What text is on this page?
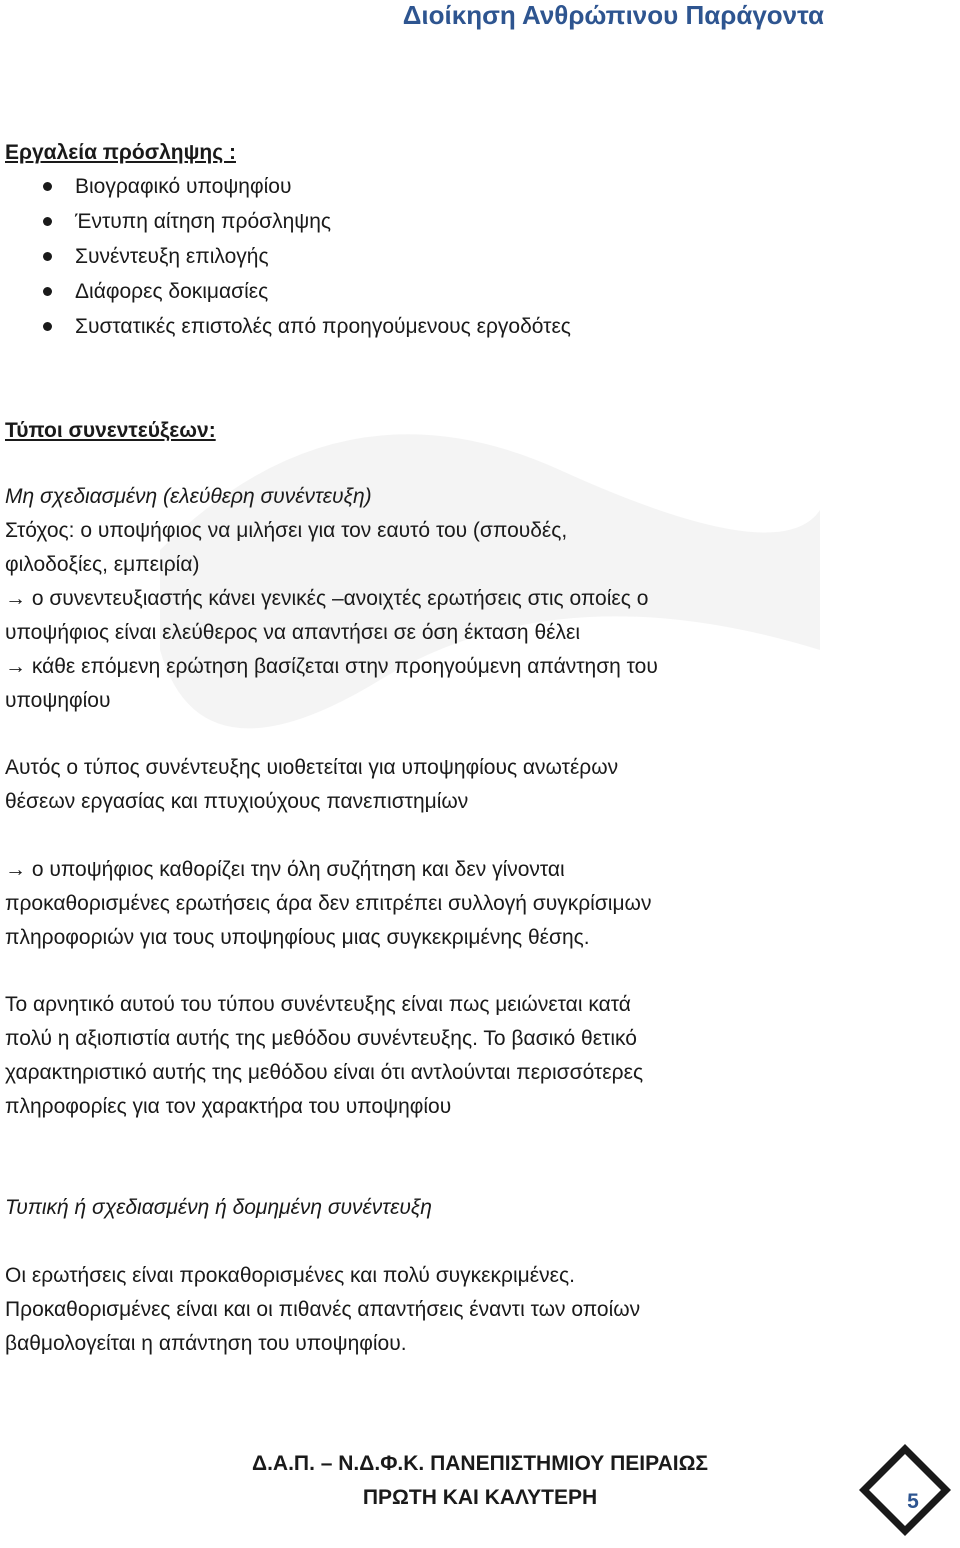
Διοίκηση Ανθρώπινου Παράγοντα
Εργαλεία πρόσληψης :
Βιογραφικό υποψηφίου
Έντυπη αίτηση πρόσληψης
Συνέντευξη επιλογής
Διάφορες δοκιμασίες
Συστατικές επιστολές από προηγούμενους εργοδότες
Τύποι συνεντεύξεων:
Μη σχεδιασμένη (ελεύθερη συνέντευξη)
Στόχος: ο υποψήφιος να μιλήσει για τον εαυτό του (σπουδές,
φιλοδοξίες, εμπειρία)
→ ο συνεντευξιαστής κάνει γενικές –ανοιχτές ερωτήσεις στις οποίες ο
υποψήφιος είναι ελεύθερος να απαντήσει σε όση έκταση θέλει
→ κάθε επόμενη ερώτηση βασίζεται στην προηγούμενη απάντηση του
υποψηφίου
Αυτός ο τύπος συνέντευξης υιοθετείται για υποψηφίους ανωτέρων
θέσεων εργασίας και πτυχιούχους πανεπιστημίων
→ ο υποψήφιος καθορίζει την όλη συζήτηση και δεν γίνονται
προκαθορισμένες ερωτήσεις άρα δεν επιτρέπει συλλογή συγκρίσιμων
πληροφοριών για τους υποψηφίους μιας συγκεκριμένης θέσης.
Το αρνητικό αυτού του τύπου συνέντευξης είναι πως μειώνεται κατά
πολύ η αξιοπιστία αυτής της μεθόδου συνέντευξης. Το βασικό θετικό
χαρακτηριστικό αυτής της μεθόδου είναι ότι αντλούνται περισσότερες
πληροφορίες για τον χαρακτήρα του υποψηφίου
Τυπική ή σχεδιασμένη ή δομημένη συνέντευξη
Οι ερωτήσεις είναι προκαθορισμένες και πολύ συγκεκριμένες.
Προκαθορισμένες είναι και οι πιθανές απαντήσεις έναντι των οποίων
βαθμολογείται η απάντηση του υποψηφίου.
Δ.Α.Π. – Ν.Δ.Φ.Κ. ΠΑΝΕΠΙΣΤΗΜΙΟΥ ΠΕΙΡΑΙΩΣ
ΠΡΩΤΗ ΚΑΙ ΚΑΛΥΤΕΡΗ	5
